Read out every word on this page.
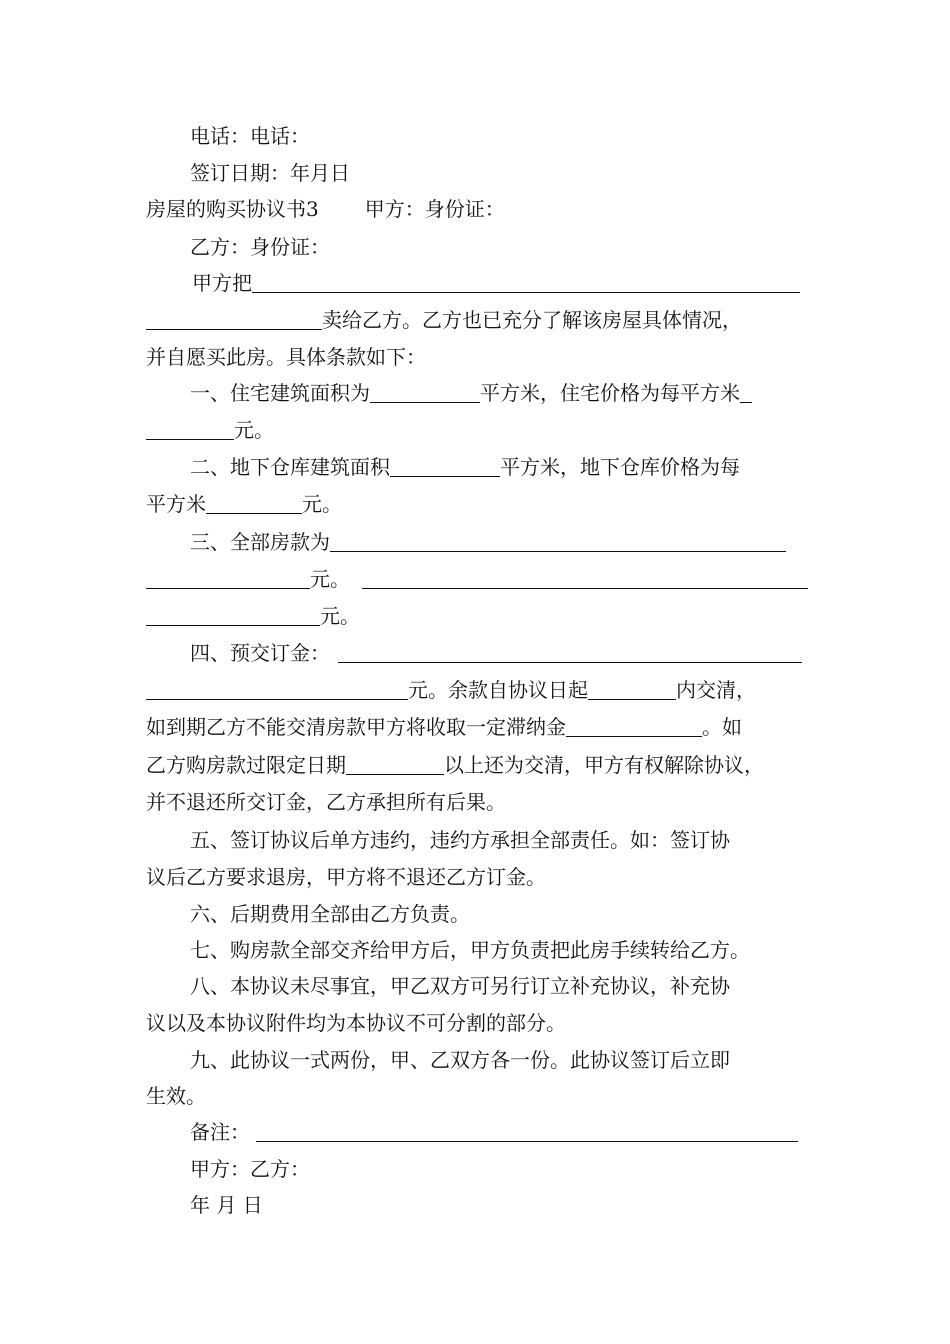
电话：电话：
签订日期：年月日
房屋的购买协议书3 甲方：身份证：
乙方：身份证：
甲方把
卖给乙方。乙方也已充分了解该房屋具体情况，
并自愿买此房。具体条款如下：
一、住宅建筑面积为	平方米，住宅价格为每平方米
元。
二、地下仓库建筑面积	平方米，地下仓库价格为每
平方米	元。
三、全部房款为
元。
元。
四、预交订金：
元。余款自协议日起	内交清，
如到期乙方不能交清房款甲方将收取一定滞纳金	。如
乙方购房款过限定日期	以上还为交清，甲方有权解除协议，
并不退还所交订金，乙方承担所有后果。
五、签订协议后单方违约，违约方承担全部责任。如：签订协
议后乙方要求退房，甲方将不退还乙方订金。
六、后期费用全部由乙方负责。
七、购房款全部交齐给甲方后，甲方负责把此房手续转给乙方。
八、本协议未尽事宜，甲乙双方可另行订立补充协议，补充协
议以及本协议附件均为本协议不可分割的部分。
九、此协议一式两份，甲、乙双方各一份。此协议签订后立即
生效。
备注：
甲方：乙方：
年 月 日
